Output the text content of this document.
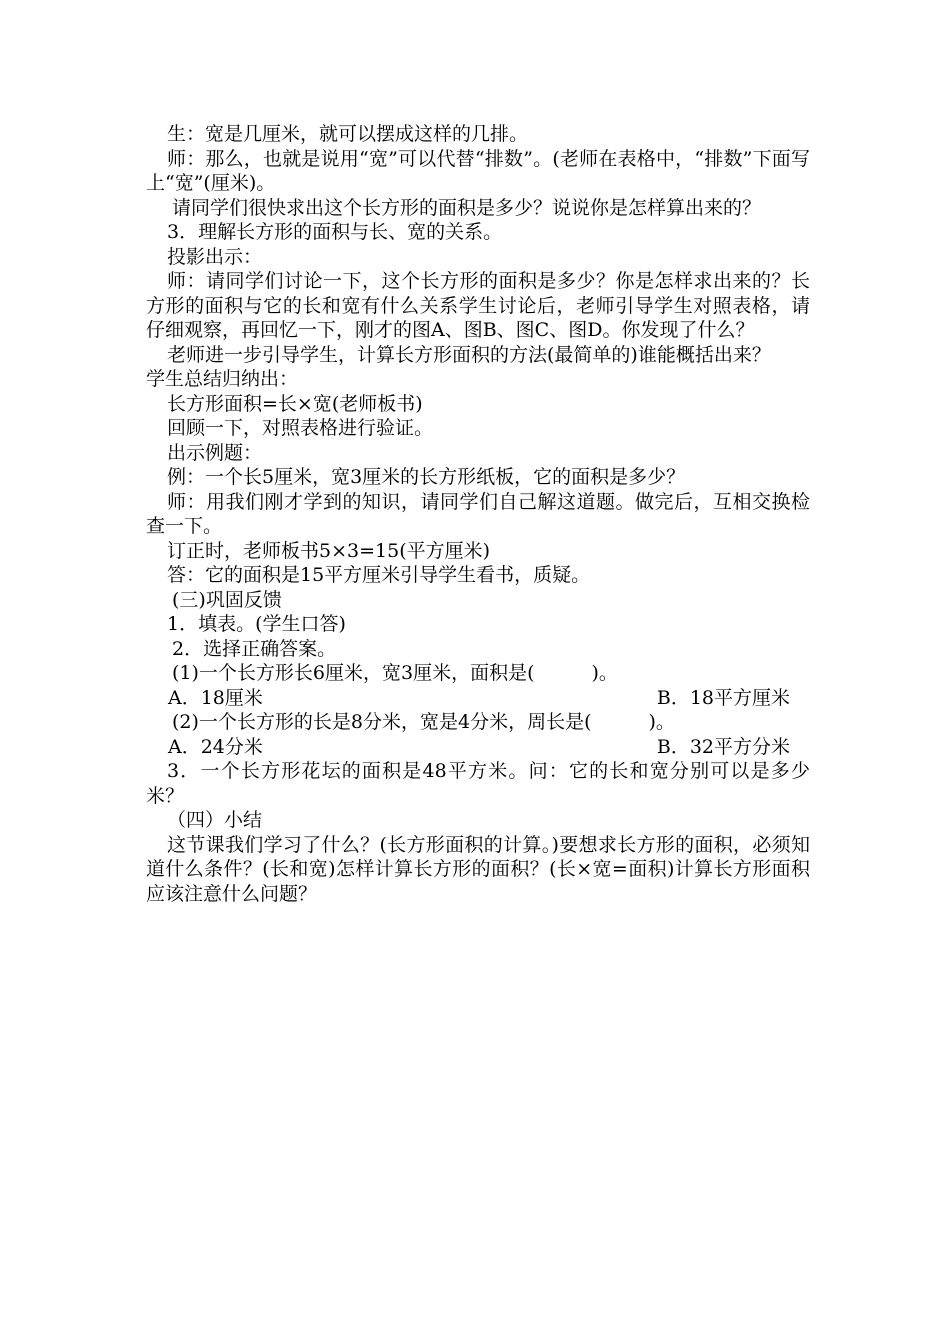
生：宽是几厘米，就可以摆成这样的几排。

师：那么，也就是说用“宽”可以代替“排数”。(老师在表格中，“排数”下面写上“宽”(厘米)。

请同学们很快求出这个长方形的面积是多少？说说你是怎样算出来的？

3．理解长方形的面积与长、宽的关系。

投影出示：

师：请同学们讨论一下，这个长方形的面积是多少？你是怎样求出来的？长方形的面积与它的长和宽有什么关系学生讨论后，老师引导学生对照表格，请仔细观察，再回忆一下，刚才的图A、图B、图C、图D。你发现了什么？

老师进一步引导学生，计算长方形面积的方法(最简单的)谁能概括出来？

学生总结归纳出：

长方形面积=长×宽(老师板书)

回顾一下，对照表格进行验证。

出示例题：

例：一个长5厘米，宽3厘米的长方形纸板，它的面积是多少？

师：用我们刚才学到的知识，请同学们自己解这道题。做完后，互相交换检查一下。

订正时，老师板书5×3=15(平方厘米)

答：它的面积是15平方厘米引导学生看书，质疑。

(三)巩固反馈

1．填表。(学生口答)

2．选择正确答案。

(1)一个长方形长6厘米，宽3厘米，面积是(　　　)。

A．18厘米	B．18平方厘米

(2)一个长方形的长是8分米，宽是4分米，周长是(　　　)。

A．24分米	B．32平方分米

3．一个长方形花坛的面积是48平方米。问：它的长和宽分别可以是多少米？

（四）小结

这节课我们学习了什么？(长方形面积的计算。)要想求长方形的面积，必须知道什么条件？(长和宽)怎样计算长方形的面积？(长×宽=面积)计算长方形面积应该注意什么问题？
